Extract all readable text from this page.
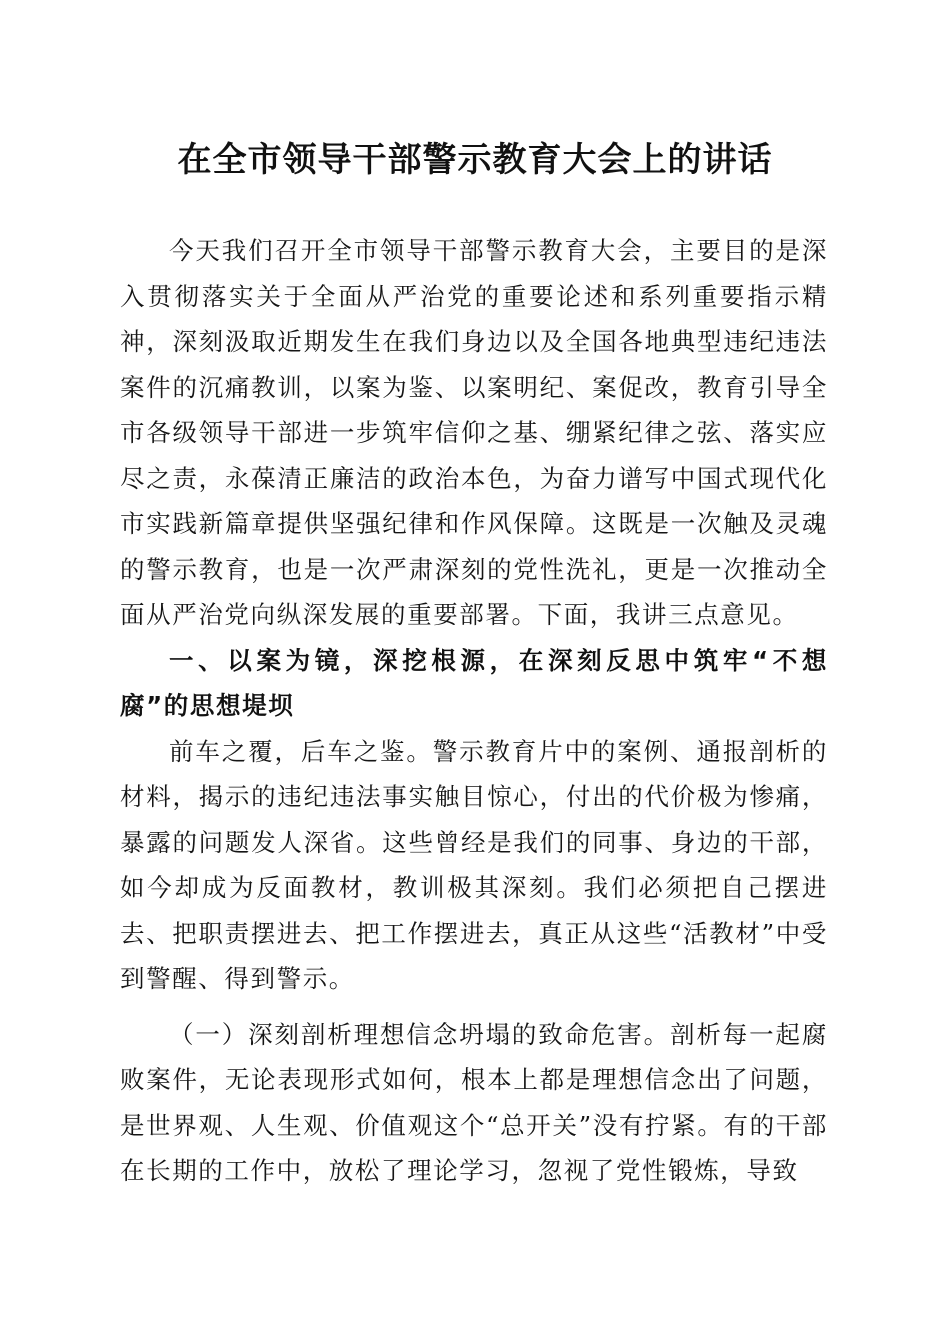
在全市领导干部警示教育大会上的讲话

今天我们召开全市领导干部警示教育大会，主要目的是深入贯彻落实关于全面从严治党的重要论述和系列重要指示精神，深刻汲取近期发生在我们身边以及全国各地典型违纪违法案件的沉痛教训，以案为鉴、以案明纪、案促改，教育引导全市各级领导干部进一步筑牢信仰之基、绷紧纪律之弦、落实应尽之责，永葆清正廉洁的政治本色，为奋力谱写中国式现代化市实践新篇章提供坚强纪律和作风保障。这既是一次触及灵魂的警示教育，也是一次严肃深刻的党性洗礼，更是一次推动全面从严治党向纵深发展的重要部署。下面，我讲三点意见。

一、以案为镜，深挖根源，在深刻反思中筑牢“不想腐”的思想堤坝

前车之覆，后车之鉴。警示教育片中的案例、通报剖析的材料，揭示的违纪违法事实触目惊心，付出的代价极为惨痛，暴露的问题发人深省。这些曾经是我们的同事、身边的干部，如今却成为反面教材，教训极其深刻。我们必须把自己摆进去、把职责摆进去、把工作摆进去，真正从这些“活教材”中受到警醒、得到警示。

（一）深刻剖析理想信念坍塌的致命危害。剖析每一起腐败案件，无论表现形式如何，根本上都是理想信念出了问题，是世界观、人生观、价值观这个“总开关”没有拧紧。有的干部在长期的工作中，放松了理论学习，忽视了党性锻炼，导致
